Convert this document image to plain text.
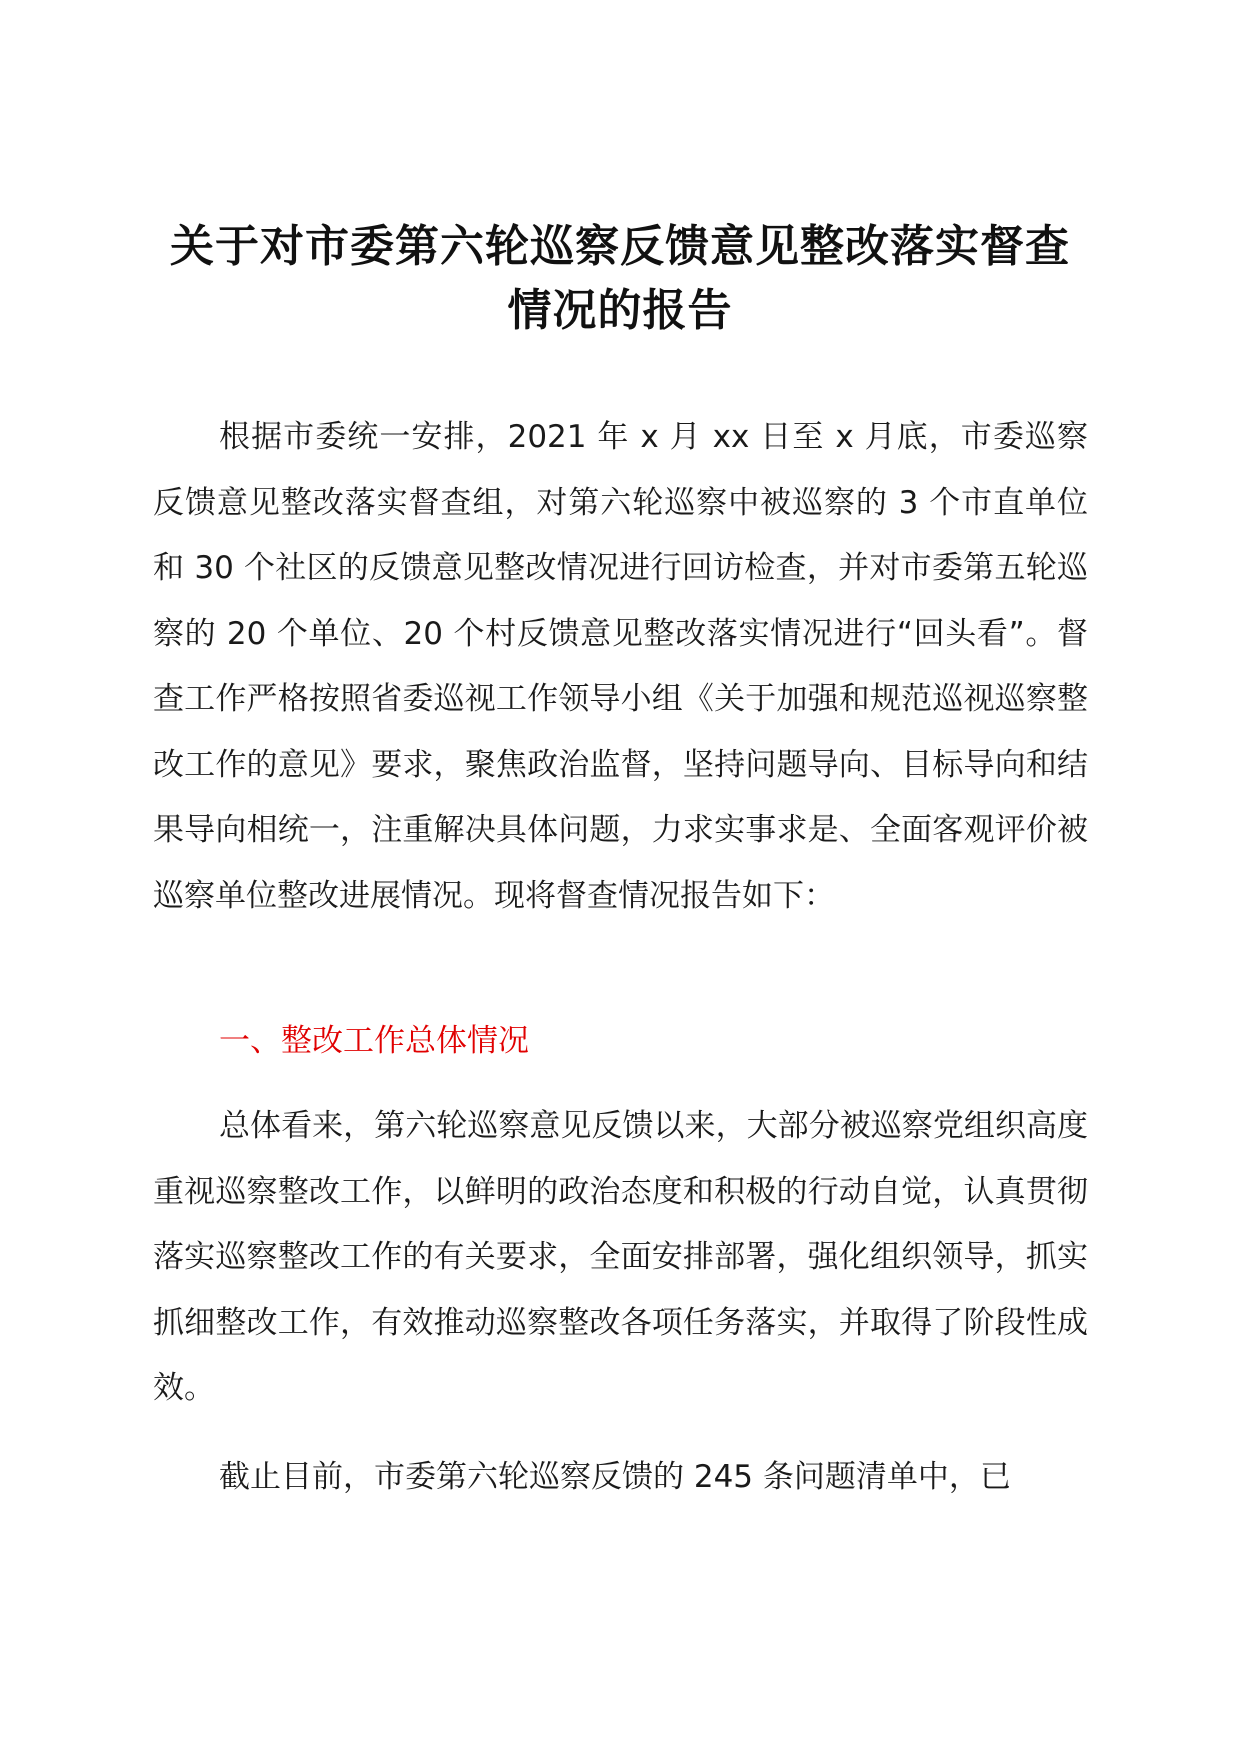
关于对市委第六轮巡察反馈意见整改落实督查情况的报告

根据市委统一安排，2021 年 x 月 xx 日至 x 月底，市委巡察反馈意见整改落实督查组，对第六轮巡察中被巡察的 3 个市直单位和 30 个社区的反馈意见整改情况进行回访检查，并对市委第五轮巡察的 20 个单位、20 个村反馈意见整改落实情况进行“回头看”。督查工作严格按照省委巡视工作领导小组《关于加强和规范巡视巡察整改工作的意见》要求，聚焦政治监督，坚持问题导向、目标导向和结果导向相统一，注重解决具体问题，力求实事求是、全面客观评价被巡察单位整改进展情况。现将督查情况报告如下：

一、整改工作总体情况

总体看来，第六轮巡察意见反馈以来，大部分被巡察党组织高度重视巡察整改工作，以鲜明的政治态度和积极的行动自觉，认真贯彻落实巡察整改工作的有关要求，全面安排部署，强化组织领导，抓实抓细整改工作，有效推动巡察整改各项任务落实，并取得了阶段性成效。

截止目前，市委第六轮巡察反馈的 245 条问题清单中，已
